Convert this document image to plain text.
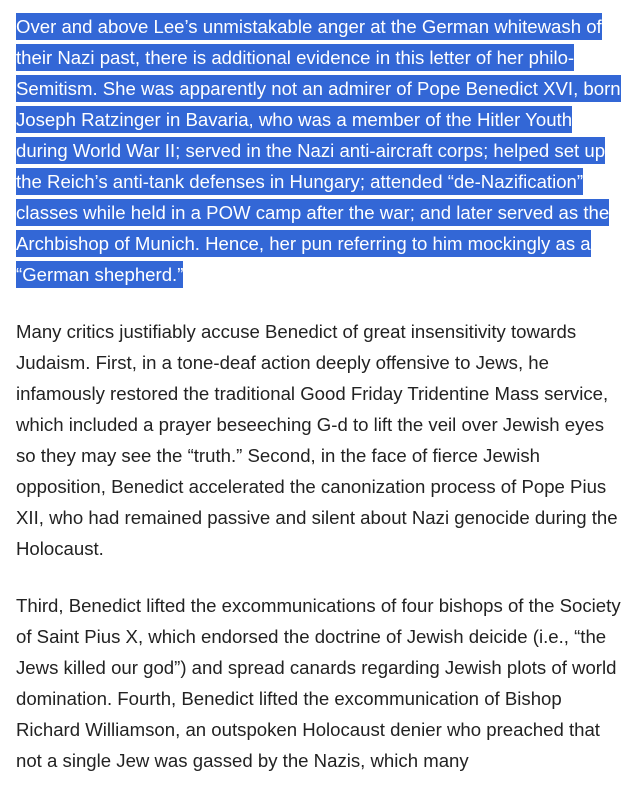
Over and above Lee’s unmistakable anger at the German whitewash of their Nazi past, there is additional evidence in this letter of her philo-Semitism. She was apparently not an admirer of Pope Benedict XVI, born Joseph Ratzinger in Bavaria, who was a member of the Hitler Youth during World War II; served in the Nazi anti-aircraft corps; helped set up the Reich’s anti-tank defenses in Hungary; attended “de-Nazification” classes while held in a POW camp after the war; and later served as the Archbishop of Munich. Hence, her pun referring to him mockingly as a “German shepherd.”

Many critics justifiably accuse Benedict of great insensitivity towards Judaism. First, in a tone-deaf action deeply offensive to Jews, he infamously restored the traditional Good Friday Tridentine Mass service, which included a prayer beseeching G-d to lift the veil over Jewish eyes so they may see the “truth.” Second, in the face of fierce Jewish opposition, Benedict accelerated the canonization process of Pope Pius XII, who had remained passive and silent about Nazi genocide during the Holocaust.

Third, Benedict lifted the excommunications of four bishops of the Society of Saint Pius X, which endorsed the doctrine of Jewish deicide (i.e., “the Jews killed our god”) and spread canards regarding Jewish plots of world domination. Fourth, Benedict lifted the excommunication of Bishop Richard Williamson, an outspoken Holocaust denier who preached that not a single Jew was gassed by the Nazis, which many
